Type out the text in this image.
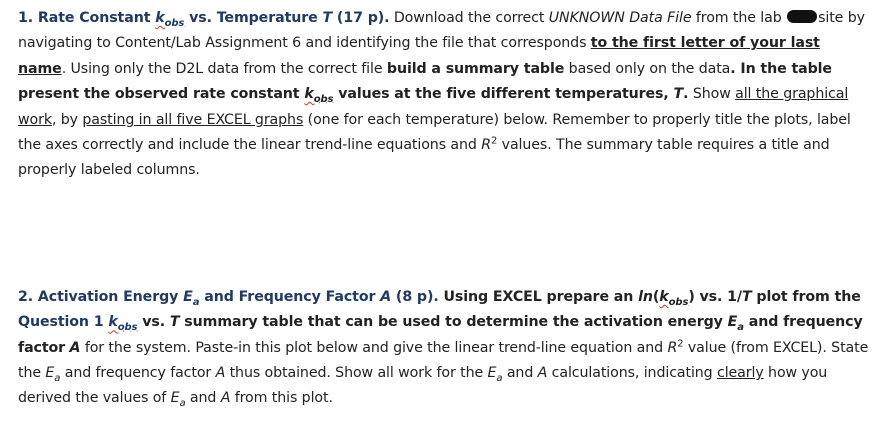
1. Rate Constant $k_{obs}$ vs. Temperature T (17 p). Download the correct UNKNOWN Data File from the lab site by navigating to Content/Lab Assignment 6 and identifying the file that corresponds to the first letter of your last name. Using only the D2L data from the correct file build a summary table based only on the data. In the table present the observed rate constant $k_{obs}$ values at the five different temperatures, T. Show all the graphical work, by pasting in all five EXCEL graphs (one for each temperature) below. Remember to properly title the plots, label the axes correctly and include the linear trend-line equations and $R^2$ values. The summary table requires a title and properly labeled columns.

2. Activation Energy $E_a$ and Frequency Factor A (8 p). Using EXCEL prepare an $\ln(k_{obs})$ vs. 1/T plot from the Question 1 $k_{obs}$ vs. T summary table that can be used to determine the activation energy $E_a$ and frequency factor A for the system. Paste-in this plot below and give the linear trend-line equation and $R^2$ value (from EXCEL). State the $E_a$ and frequency factor A thus obtained. Show all work for the $E_a$ and A calculations, indicating clearly how you derived the values of $E_a$ and A from this plot.
